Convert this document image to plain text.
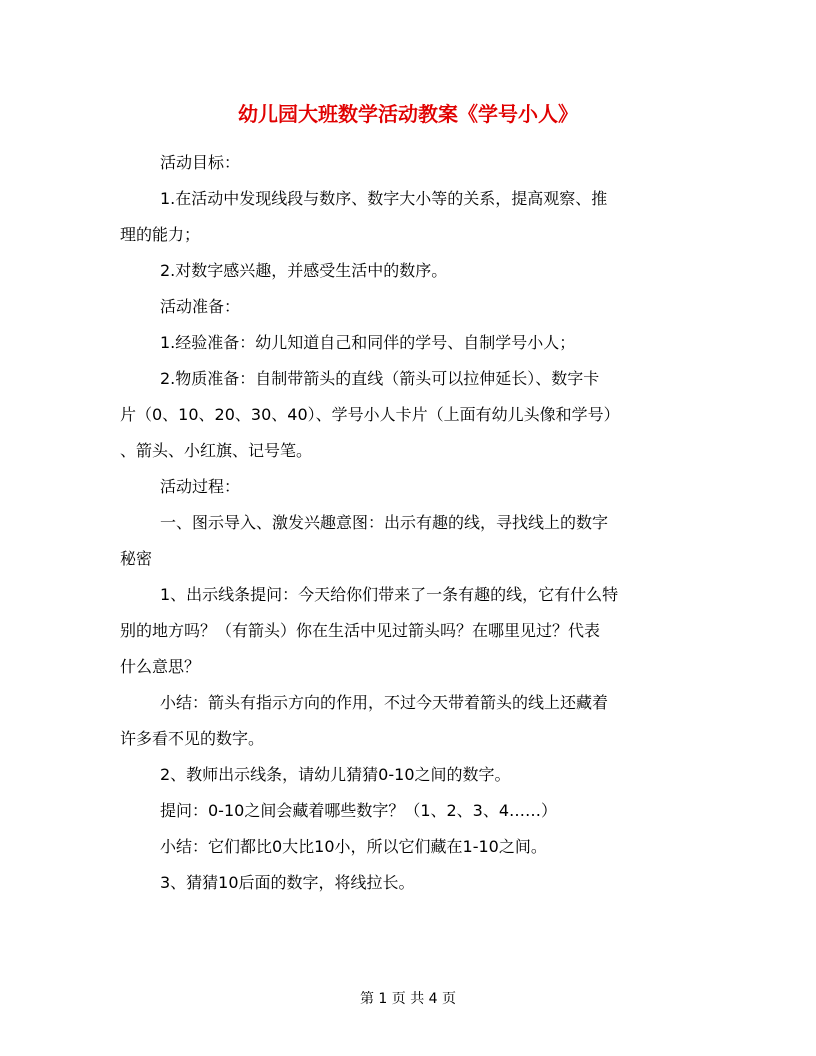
幼儿园大班数学活动教案《学号小人》

活动目标：

1.在活动中发现线段与数序、数字大小等的关系，提高观察、推

理的能力；

2.对数字感兴趣，并感受生活中的数序。

活动准备：

1.经验准备：幼儿知道自己和同伴的学号、自制学号小人；

2.物质准备：自制带箭头的直线（箭头可以拉伸延长）、数字卡

片（0、10、20、30、40）、学号小人卡片（上面有幼儿头像和学号）

、箭头、小红旗、记号笔。

活动过程：

一、图示导入、激发兴趣意图：出示有趣的线，寻找线上的数字

秘密

1、出示线条提问：今天给你们带来了一条有趣的线，它有什么特

别的地方吗？（有箭头）你在生活中见过箭头吗？在哪里见过？代表

什么意思？

小结：箭头有指示方向的作用，不过今天带着箭头的线上还藏着

许多看不见的数字。

2、教师出示线条，请幼儿猜猜0-10之间的数字。

提问：0-10之间会藏着哪些数字？（1、2、3、4……）

小结：它们都比0大比10小，所以它们藏在1-10之间。

3、猜猜10后面的数字，将线拉长。

第 1 页 共 4 页
